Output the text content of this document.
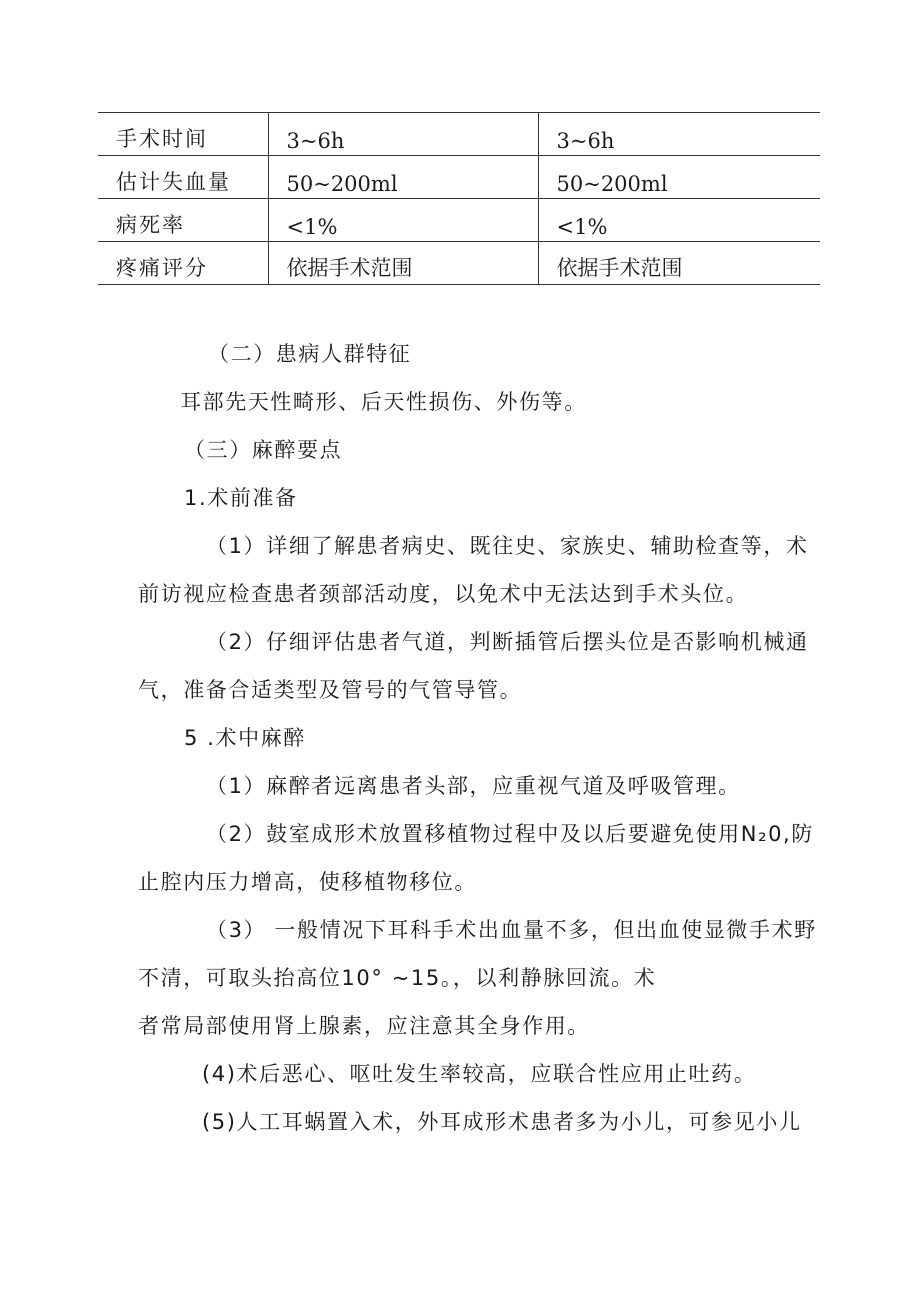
手术时间	3~6h	3~6h
估计失血量	50~200ml	50~200ml
病死率	<1%	<1%
疼痛评分	依据手术范围	依据手术范围
（二）患病人群特征
耳部先天性畸形、后天性损伤、外伤等。
（三）麻醉要点
1.术前准备
（1）详细了解患者病史、既往史、家族史、辅助检查等，术
前访视应检查患者颈部活动度，以免术中无法达到手术头位。
（2）仔细评估患者气道，判断插管后摆头位是否影响机械通
气，准备合适类型及管号的气管导管。
5 .术中麻醉
（1）麻醉者远离患者头部，应重视气道及呼吸管理。
（2）鼓室成形术放置移植物过程中及以后要避免使用N₂0,防
止腔内压力增高，使移植物移位。
（3） 一般情况下耳科手术出血量不多，但出血使显微手术野
不清，可取头抬高位10° ~15。，以利静脉回流。术
者常局部使用肾上腺素，应注意其全身作用。
(4)术后恶心、呕吐发生率较高，应联合性应用止吐药。
(5)人工耳蜗置入术，外耳成形术患者多为小儿，可参见小儿
